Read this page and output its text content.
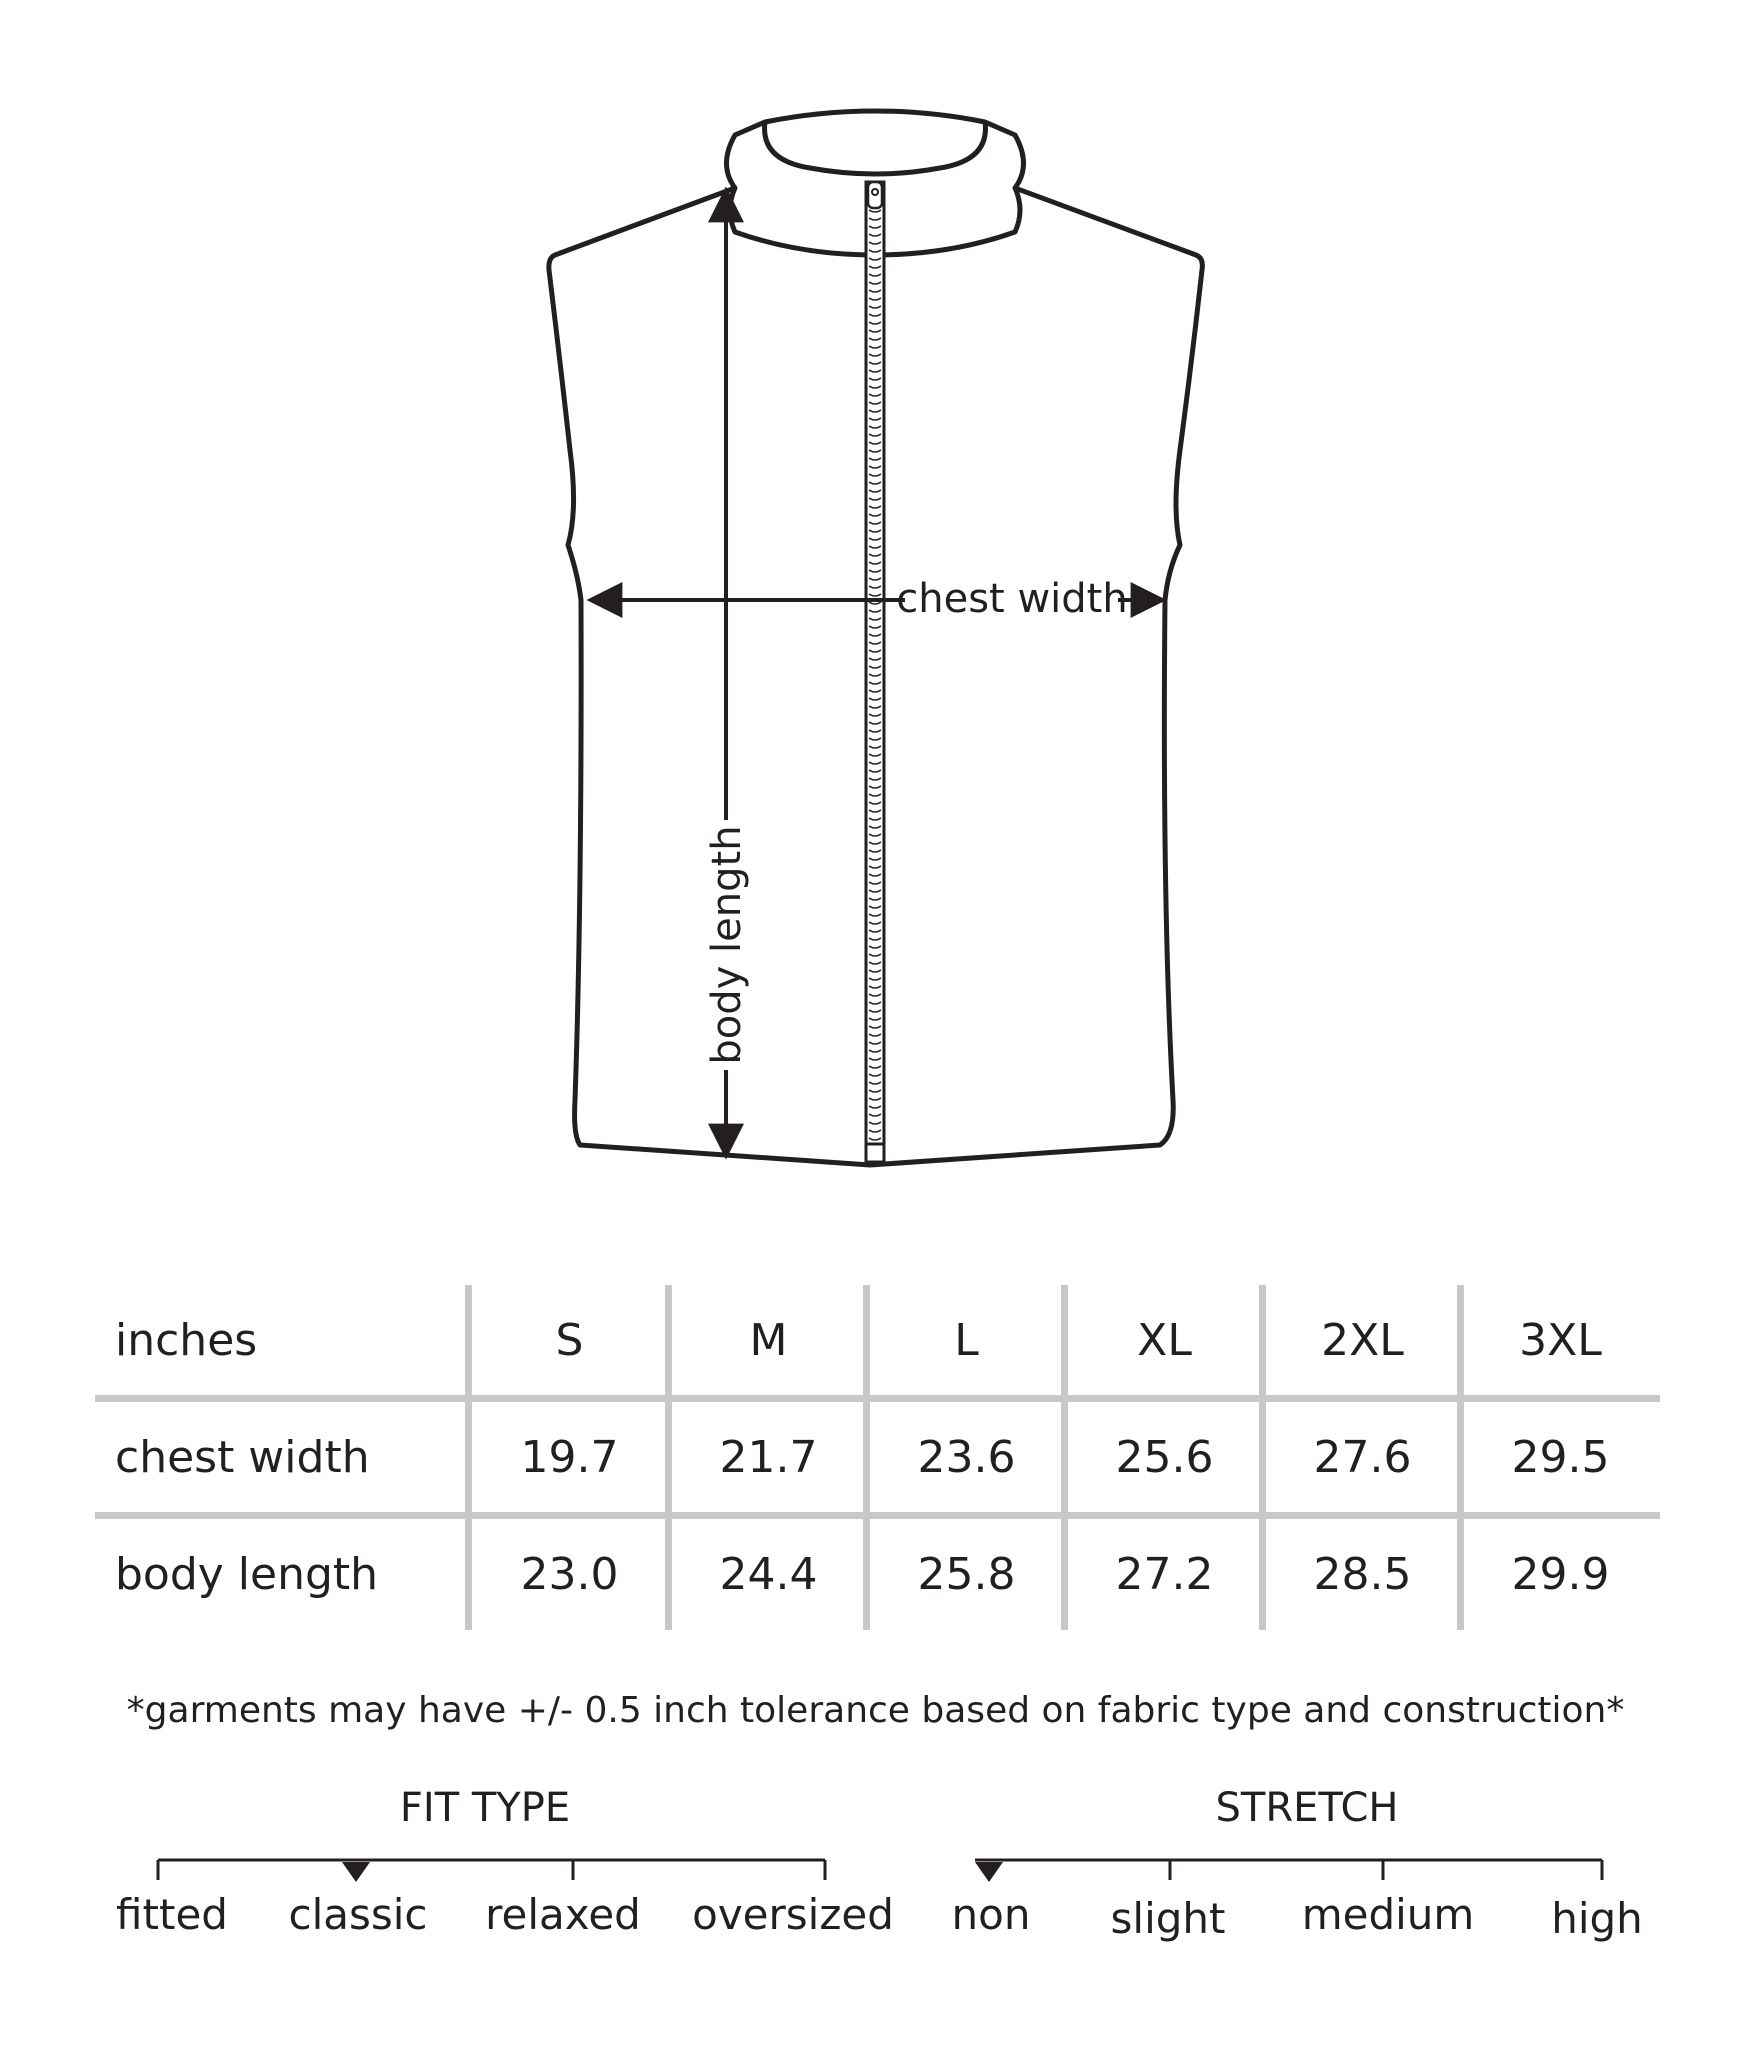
chest width
body length
inches	S	M	L	XL	2XL	3XL
chest width	19.7	21.7	23.6	25.6	27.6	29.5
body length	23.0	24.4	25.8	27.2	28.5	29.9
*garments may have +/- 0.5 inch tolerance based on fabric type and construction*
FIT TYPE	STRETCH
fitted classic relaxed oversized non slight medium high
